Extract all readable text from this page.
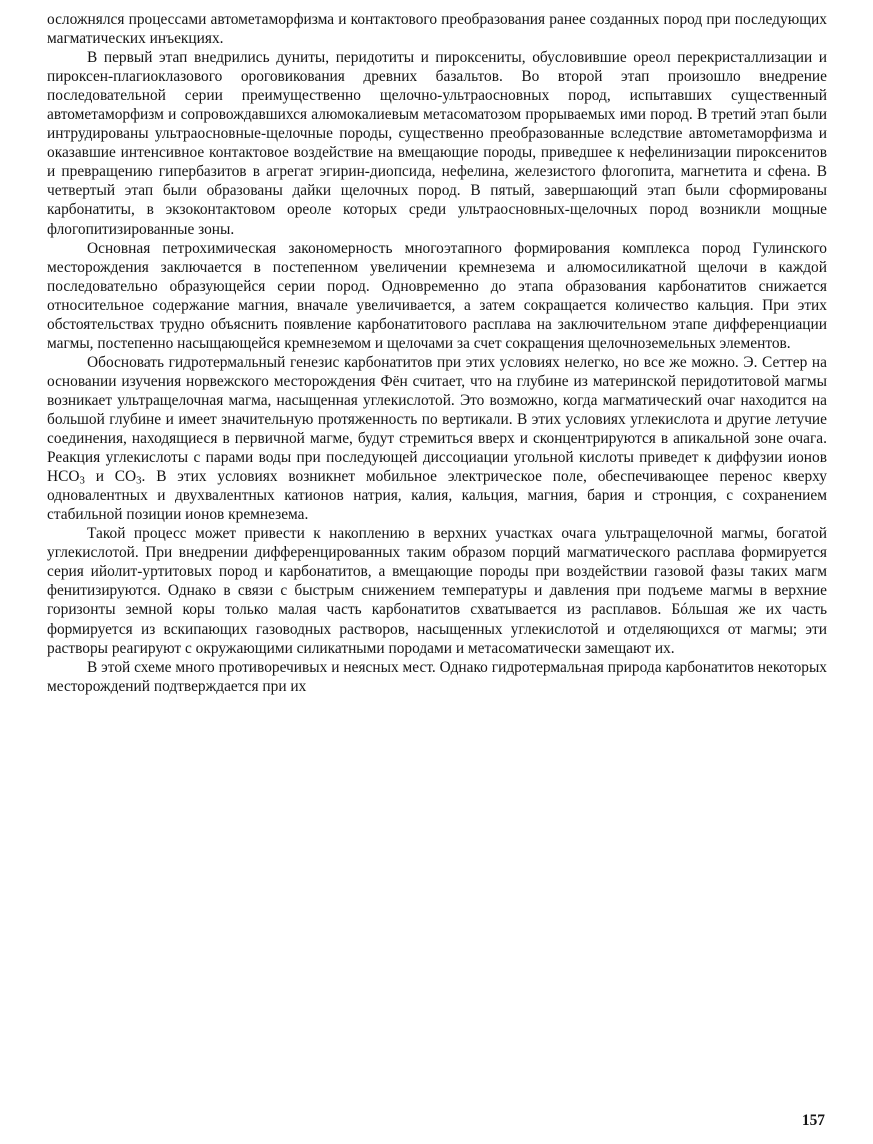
осложнялся процессами автометаморфизма и контактового преобразования ранее созданных пород при последующих магматических инъекциях.

В первый этап внедрились дуниты, перидотиты и пироксениты, обусловившие ореол перекристаллизации и пироксен-плагиоклазового ороговикования древних базальтов. Во второй этап произошло внедрение последовательной серии преимущественно щелочно-ультраосновных пород, испытавших существенный автометаморфизм и сопровождавшихся алюмокалиевым метасоматозом прорываемых ими пород. В третий этап были интрудированы ультраосновные-щелочные породы, существенно преобразованные вследствие автометаморфизма и оказавшие интенсивное контактовое воздействие на вмещающие породы, приведшее к нефелинизации пироксенитов и превращению гипербазитов в агрегат эгирин-диопсида, нефелина, железистого флогопита, магнетита и сфена. В четвертый этап были образованы дайки щелочных пород. В пятый, завершающий этап были сформированы карбонатиты, в экзоконтактовом ореоле которых среди ультраосновных-щелочных пород возникли мощные флогопитизированные зоны.

Основная петрохимическая закономерность многоэтапного формирования комплекса пород Гулинского месторождения заключается в постепенном увеличении кремнезема и алюмосиликатной щелочи в каждой последовательно образующейся серии пород. Одновременно до этапа образования карбонатитов снижается относительное содержание магния, вначале увеличивается, а затем сокращается количество кальция. При этих обстоятельствах трудно объяснить появление карбонатитового расплава на заключительном этапе дифференциации магмы, постепенно насыщающейся кремнеземом и щелочами за счет сокращения щелочноземельных элементов.

Обосновать гидротермальный генезис карбонатитов при этих условиях нелегко, но все же можно. Э. Сеттер на основании изучения норвежского месторождения Фён считает, что на глубине из материнской перидотитовой магмы возникает ультращелочная магма, насыщенная углекислотой. Это возможно, когда магматический очаг находится на большой глубине и имеет значительную протяженность по вертикали. В этих условиях углекислота и другие летучие соединения, находящиеся в первичной магме, будут стремиться вверх и сконцентрируются в апикальной зоне очага. Реакция углекислоты с парами воды при последующей диссоциации угольной кислоты приведет к диффузии ионов $HCO_3$ и $CO_3$. В этих условиях возникнет мобильное электрическое поле, обеспечивающее перенос кверху одновалентных и двухвалентных катионов натрия, калия, кальция, магния, бария и стронция, с сохранением стабильной позиции ионов кремнезема.

Такой процесс может привести к накоплению в верхних участках очага ультращелочной магмы, богатой углекислотой. При внедрении дифференцированных таким образом порций магматического расплава формируется серия ийолит-уртитовых пород и карбонатитов, а вмещающие породы при воздействии газовой фазы таких магм фенитизируются. Однако в связи с быстрым снижением температуры и давления при подъеме магмы в верхние горизонты земной коры только малая часть карбонатитов схватывается из расплавов. Бóльшая же их часть формируется из вскипающих газоводных растворов, насыщенных углекислотой и отделяющихся от магмы; эти растворы реагируют с окружающими силикатными породами и метасоматически замещают их.

В этой схеме много противоречивых и неясных мест. Однако гидротермальная природа карбонатитов некоторых месторождений подтверждается при их

157
